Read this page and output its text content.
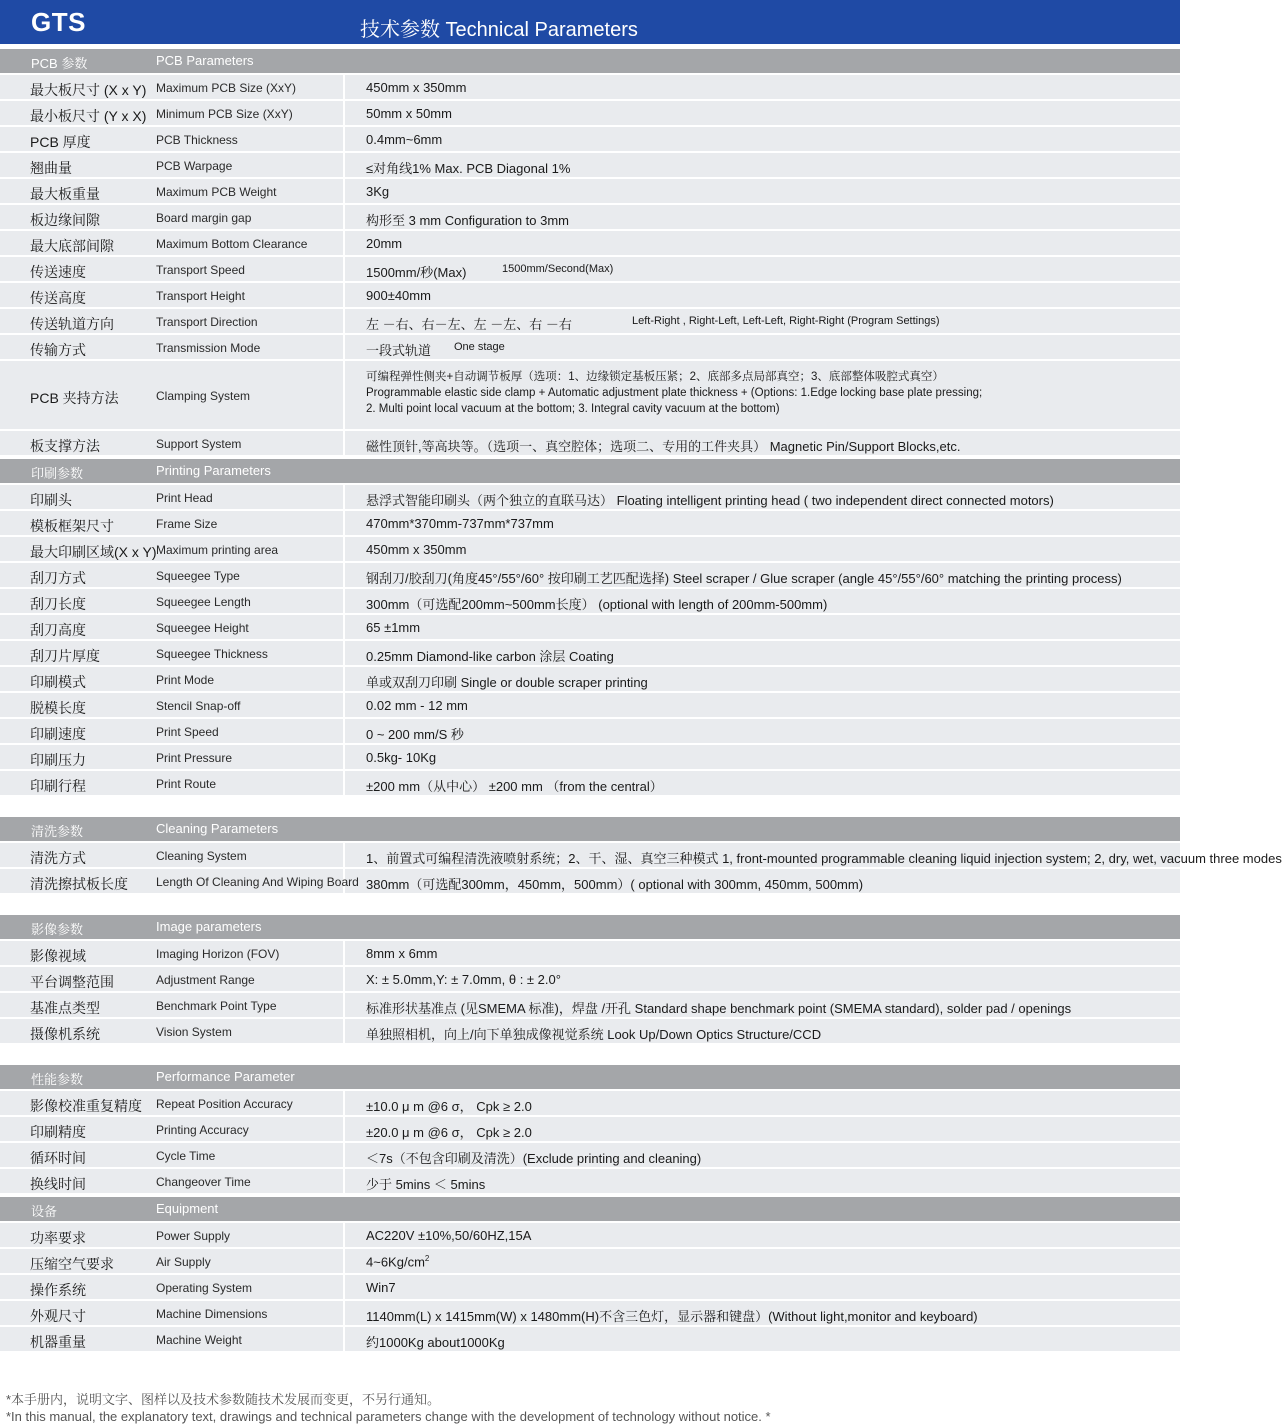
GTS	技术参数 Technical Parameters
PCB 参数	PCB Parameters
最大板尺寸 (X x Y) Maximum PCB Size (XxY)	450mm x 350mm
最小板尺寸 (Y x X) Minimum PCB Size (XxY)	50mm x 50mm
PCB 厚度	PCB Thickness	0.4mm~6mm
翘曲量	PCB Warpage	≤对角线1% Max. PCB Diagonal 1%
最大板重量	Maximum PCB Weight	3Kg
板边缘间隙	Board margin gap	构形至 3 mm Configuration to 3mm
最大底部间隙	Maximum Bottom Clearance	20mm
传送速度	Transport Speed	1500mm/秒(Max)	1500mm/Second(Max)
传送高度	Transport Height	900±40mm
传送轨道方向	Transport Direction	左 －右、右－左、左 －左、右 －右	Left-Right , Right-Left, Left-Left, Right-Right (Program Settings)
传输方式	Transmission Mode	一段式轨道 One stage
PCB 夹持方法	Clamping System
可编程弹性侧夹+自动调节板厚（选项：1、边缘锁定基板压紧；2、底部多点局部真空；3、底部整体吸腔式真空）
Programmable elastic side clamp + Automatic adjustment plate thickness + (Options: 1.Edge locking base plate pressing;
2. Multi point local vacuum at the bottom; 3. Integral cavity vacuum at the bottom)
板支撑方法	Support System	磁性顶针,等高块等。（选项一、真空腔体；选项二、专用的工件夹具） Magnetic Pin/Support Blocks,etc.
印刷参数	Printing Parameters
印刷头	Print Head	悬浮式智能印刷头（两个独立的直联马达） Floating intelligent printing head ( two independent direct connected motors)
模板框架尺寸	Frame Size	470mm*370mm-737mm*737mm
最大印刷区域(X x Y) Maximum printing area	450mm x 350mm
刮刀方式	Squeegee Type	钢刮刀/胶刮刀(角度45°/55°/60° 按印刷工艺匹配选择) Steel scraper / Glue scraper (angle 45°/55°/60° matching the printing process)
刮刀长度	Squeegee Length	300mm（可选配200mm~500mm长度） (optional with length of 200mm-500mm)
刮刀高度	Squeegee Height	65 ±1mm
刮刀片厚度	Squeegee Thickness	0.25mm Diamond-like carbon 涂层 Coating
印刷模式	Print Mode	单或双刮刀印刷 Single or double scraper printing
脱模长度	Stencil Snap-off	0.02 mm - 12 mm
印刷速度	Print Speed	0 ~ 200 mm/S 秒
印刷压力	Print Pressure	0.5kg- 10Kg
印刷行程	Print Route	±200 mm（从中心） ±200 mm （from the central）
清洗参数	Cleaning Parameters
清洗方式	Cleaning System	1、前置式可编程清洗液喷射系统；2、干、湿、真空三种模式 1, front-mounted programmable cleaning liquid injection system; 2, dry, wet, vacuum three modes
清洗擦拭板长度 Length Of Cleaning And Wiping Board 380mm（可选配300mm，450mm，500mm）( optional with 300mm, 450mm, 500mm)
影像参数	Image parameters
影像视域	Imaging Horizon (FOV)	8mm x 6mm
平台调整范围	Adjustment Range	X: ± 5.0mm,Y: ± 7.0mm, θ : ± 2.0°
基准点类型	Benchmark Point Type	标准形状基准点 (见SMEMA 标准)，焊盘 /开孔 Standard shape benchmark point (SMEMA standard), solder pad / openings
摄像机系统	Vision System	单独照相机，向上/向下单独成像视觉系统 Look Up/Down Optics Structure/CCD
性能参数	Performance Parameter
影像校准重复精度 Repeat Position Accuracy	±10.0 μ m @6 σ， Cpk ≥ 2.0
印刷精度	Printing Accuracy	±20.0 μ m @6 σ， Cpk ≥ 2.0
循环时间	Cycle Time	＜7s（不包含印刷及清洗）(Exclude printing and cleaning)
换线时间	Changeover Time	少于 5mins ＜ 5mins
设备	Equipment
功率要求	Power Supply	AC220V ±10%,50/60HZ,15A
压缩空气要求	Air Supply	$4\sim 6Kg/cm^2$
操作系统	Operating System	Win7
外观尺寸	Machine Dimensions	1140mm(L) x 1415mm(W) x 1480mm(H)不含三色灯，显示器和键盘）(Without light,monitor and keyboard)
机器重量	Machine Weight	约1000Kg about1000Kg
*本手册内，说明文字、图样以及技术参数随技术发展而变更，不另行通知。
*In this manual, the explanatory text, drawings and technical parameters change with the development of technology without notice. *
